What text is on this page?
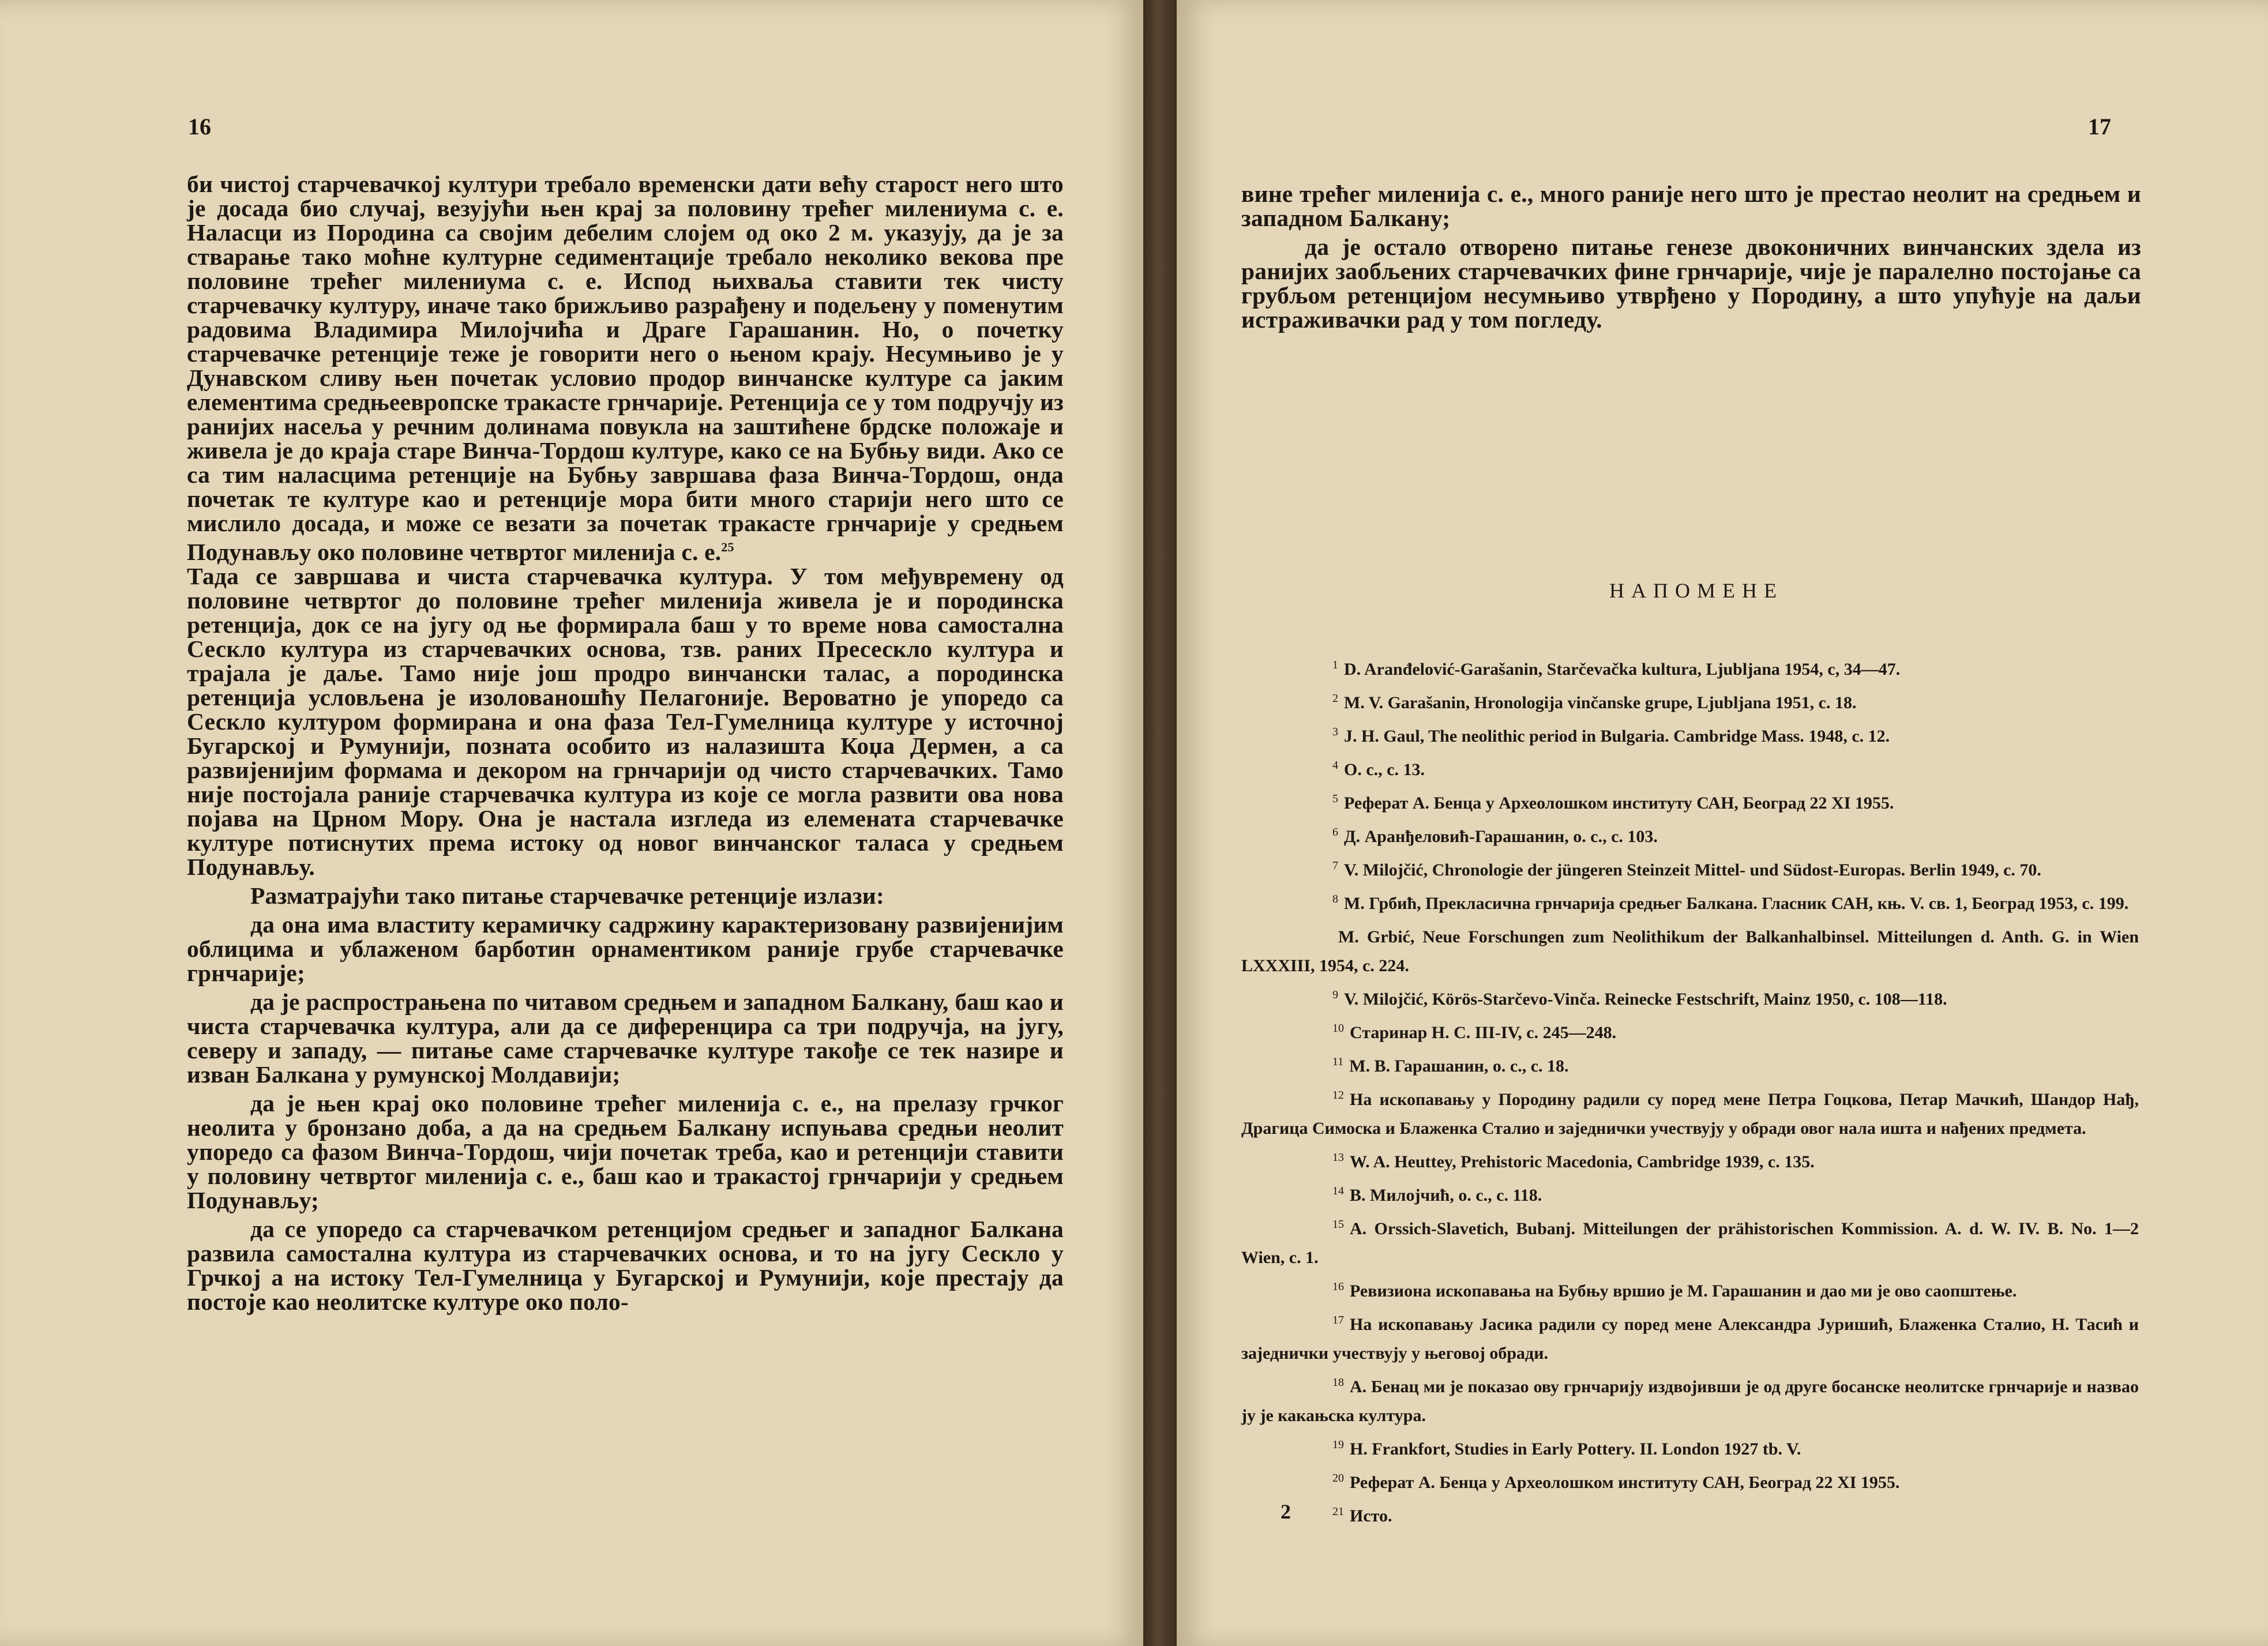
16

би чистој старчевачкој култури требало временски дати већу старост него што је досада био случај, везујући њен крај за половину трећег милениума с. е. Наласци из Породина са својим дебелим слојем од око 2 м. указују, да је за стварање тако моћне културне седиментације требало неколико векова пре половине трећег милениума с. е. Испод њихваља ставити тек чисту старчевачку културу, иначе тако брижљиво разрађену и подељену у поменутим радовима Владимира Милојчића и Драге Гарашанин. Но, о почетку старчевачке ретенције теже је говорити него о њеном крају. Несумњиво је у Дунавском сливу њен почетак условио продор винчанске културе са јаким елементима средњеевропске тракасте грнчарије. Ретенција се у том подручју из ранијих насеља у речним долинама повукла на заштићене брдске положаје и живела је до краја старе Винча-Тордош културе, како се на Бубњу види. Ако се са тим наласцима ретенције на Бубњу завршава фаза Винча-Тордош, онда почетак те културе као и ретенције мора бити много старији него што се мислило досада, и може се везати за почетак тракасте грнчарије у средњем Подунављу око половине четвртог миленија с. е.$^{25}$

Тада се завршава и чиста старчевачка култура. У том међувремену од половине четвртог до половине трећег миленија живела је и породинска ретенција, док се на југу од ње формирала баш у то време нова самостална Сескло култура из старчевачких основа, тзв. раних Пресескло култура и трајала је даље. Тамо није још продро винчански талас, а породинска ретенција условљена је изолованошћу Пелагоније. Вероватно је упоредо са Сескло културом формирана и она фаза Тел-Гумелница културе у источној Бугарској и Румунији, позната особито из налазишта Коџа Дермен, а са развијенијим формама и декором на грнчарији од чисто старчевачких. Тамо није постојала раније старчевачка култура из које се могла развити ова нова појава на Црном Мору. Она је настала изгледа из елемената старчевачке културе потиснутих према истоку од новог винчанског таласа у средњем Подунављу.

Разматрајући тако питање старчевачке ретенције излази:

да она има властиту керамичку садржину карактеризовану развијенијим облицима и ублаженом барботин орнаментиком раније грубе старчевачке грнчарије;

да је распрострањена по читавом средњем и западном Балкану, баш као и чиста старчевачка култура, али да се диференцира са три подручја, на југу, северу и западу, — питање саме старчевачке културе такође се тек назире и изван Балкана у румунској Молдавији;

да је њен крај око половине трећег миленија с. е., на прелазу грчког неолита у бронзано доба, а да на средњем Балкану испуњава средњи неолит упоредо са фазом Винча-Тордош, чији почетак треба, као и ретенцији ставити у половину четвртог миленија с. е., баш као и тракастој грнчарији у средњем Подунављу;

да се упоредо са старчевачком ретенцијом средњег и западног Балкана развила самостална култура из старчевачких основа, и то на југу Сескло у Грчкој а на истоку Тел-Гумелница у Бугарској и Румунији, које престају да постоје као неолитске културе око поло-

17

вине трећег миленија с. е., много раније него што је престао неолит на средњем и западном Балкану;

да је остало отворено питање генезе двоконичних винчанских здела из ранијих заобљених старчевачких фине грнчарије, чије је паралелно постојање са грубљом ретенцијом несумњиво утврђено у Породину, а што упућује на даљи истраживачки рад у том погледу.

НАПОМЕНЕ

$^1$ D. Aranđelović-Garašanin, Starčevačka kultura, Ljubljana 1954, c, 34—47.

$^2$ M. V. Garašanin, Hronologija vinčanske grupe, Ljubljana 1951, c. 18.

$^3$ J. H. Gaul, The neolithic period in Bulgaria. Cambridge Mass. 1948, c. 12.

$^4$ O. c., c. 13.

$^5$ Реферат А. Бенца у Археолошком институту САН, Београд 22 XI 1955.

$^6$ Д. Аранђеловић-Гарашанин, о. с., с. 103.

$^7$ V. Milojčić, Chronologie der jüngeren Steinzeit Mittel- und Südost-Europas. Berlin 1949, c. 70.

$^8$ М. Грбић, Прекласична грнчарија средњег Балкана. Гласник САН, књ. V. св. 1, Београд 1953, с. 199.

M. Grbić, Neue Forschungen zum Neolithikum der Balkanhalbinsel. Mitteilungen d. Anth. G. in Wien LXXXIII, 1954, c. 224.

$^9$ V. Milojčić, Körös-Starčevo-Vinča. Reinecke Festschrift, Mainz 1950, c. 108—118.

$^{10}$ Старинар Н. С. III-IV, с. 245—248.

$^{11}$ М. В. Гарашанин, о. с., с. 18.

$^{12}$ На ископавању у Породину радили су поред мене Петра Гоцкова, Петар Мачкић, Шандор Нађ, Драгица Симоска и Блаженка Сталио и заједнички учествују у обради овог нала ишта и нађених предмета.

$^{13}$ W. A. Heuttey, Prehistoric Macedonia, Cambridge 1939, c. 135.

$^{14}$ В. Милојчић, о. с., с. 118.

$^{15}$ A. Orssich-Slavetich, Bubanj. Mitteilungen der prähistorischen Kommission. A. d. W. IV. B. No. 1—2 Wien, c. 1.

$^{16}$ Ревизиона ископавања на Бубњу вршио је М. Гарашанин и дао ми је ово саопштење.

$^{17}$ На ископавању Јасика радили су поред мене Александра Јуришић, Блаженка Сталио, Н. Тасић и заједнички учествују у његовој обради.

$^{18}$ А. Бенац ми је показао ову грнчарију издвојивши је од друге босанске неолитске грнчарије и назвао ју је какањска култура.

$^{19}$ H. Frankfort, Studies in Early Pottery. II. London 1927 tb. V.

$^{20}$ Реферат А. Бенца у Археолошком институту САН, Београд 22 XI 1955.

$^{21}$ Исто.

2
